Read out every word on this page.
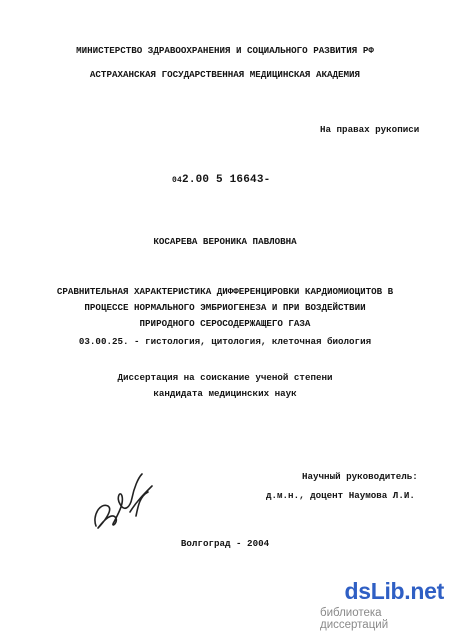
МИНИСТЕРСТВО ЗДРАВООХРАНЕНИЯ И СОЦИАЛЬНОГО РАЗВИТИЯ РФ
АСТРАХАНСКАЯ ГОСУДАРСТВЕННАЯ МЕДИЦИНСКАЯ АКАДЕМИЯ
На правах рукописи
042.00 5 16643-
КОСАРЕВА ВЕРОНИКА ПАВЛОВНА
СРАВНИТЕЛЬНАЯ ХАРАКТЕРИСТИКА ДИФФЕРЕНЦИРОВКИ КАРДИОМИОЦИТОВ В
ПРОЦЕССЕ НОРМАЛЬНОГО ЭМБРИОГЕНЕЗА И ПРИ ВОЗДЕЙСТВИИ
ПРИРОДНОГО СЕРОСОДЕРЖАЩЕГО ГАЗА
03.00.25. - гистология, цитология, клеточная биология
Диссертация на соискание ученой степени
кандидата медицинских наук
Научный руководитель:
д.м.н., доцент Наумова Л.И.
Волгоград - 2004
dsLib.net
библиотека диссертаций
